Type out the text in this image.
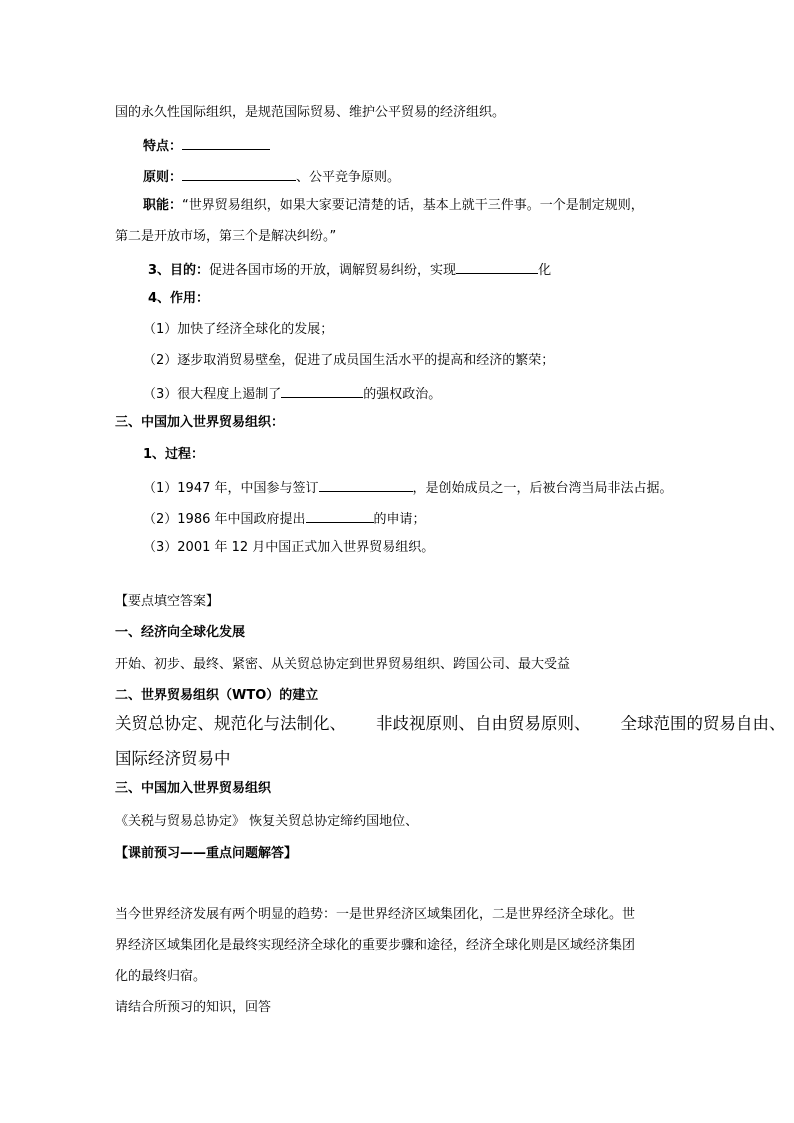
国的永久性国际组织，是规范国际贸易、维护公平贸易的经济组织。
特点：
原则：	、公平竞争原则。
职能：“世界贸易组织，如果大家要记清楚的话，基本上就干三件事。一个是制定规则，
第二是开放市场，第三个是解决纠纷。”
3、目的：促进各国市场的开放，调解贸易纠纷，实现	化
4、作用：
（1）加快了经济全球化的发展；
（2）逐步取消贸易壁垒，促进了成员国生活水平的提高和经济的繁荣；
（3）很大程度上遏制了	的强权政治。
三、中国加入世界贸易组织：
1、过程：
（1）1947 年，中国参与签订	，是创始成员之一，后被台湾当局非法占据。
（2）1986 年中国政府提出	的申请；
（3）2001 年 12 月中国正式加入世界贸易组织。
【要点填空答案】
一、经济向全球化发展
开始、初步、最终、紧密、从关贸总协定到世界贸易组织、跨国公司、最大受益
二、世界贸易组织（WTO）的建立
关贸总协定、规范化与法制化、 非歧视原则、自由贸易原则、 全球范围的贸易自由、
国际经济贸易中
三、中国加入世界贸易组织
《关税与贸易总协定》 恢复关贸总协定缔约国地位、
【课前预习——重点问题解答】
当今世界经济发展有两个明显的趋势：一是世界经济区域集团化，二是世界经济全球化。世
界经济区域集团化是最终实现经济全球化的重要步骤和途径，经济全球化则是区域经济集团
化的最终归宿。
请结合所预习的知识，回答
